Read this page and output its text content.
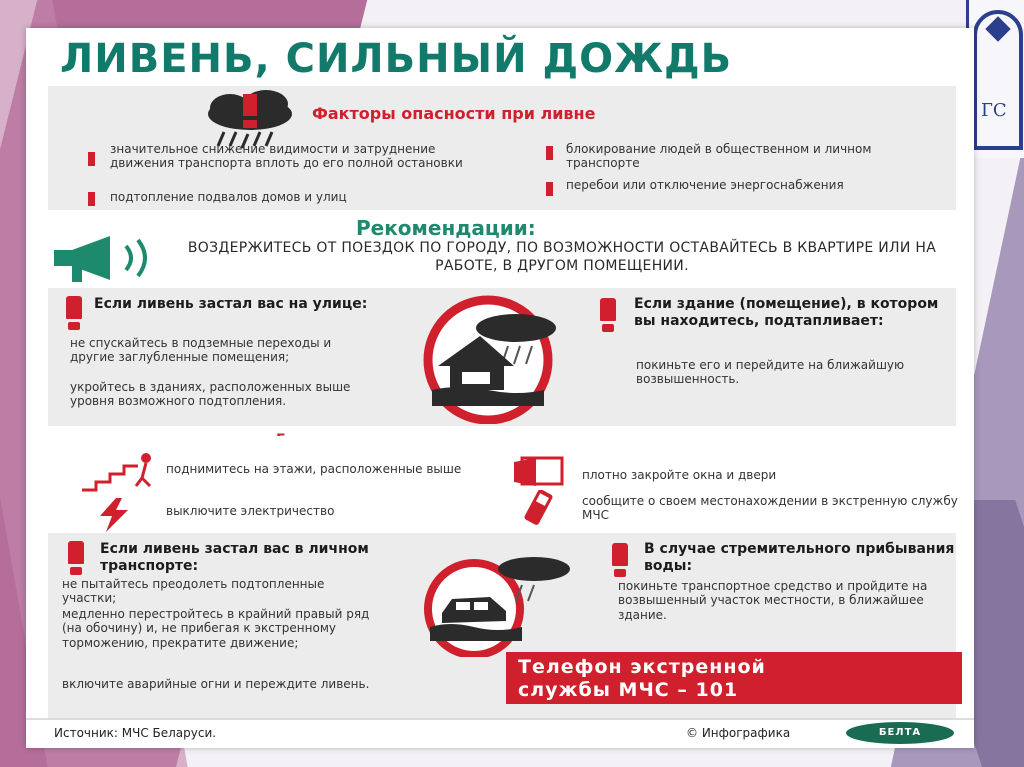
ГС
ЛИВЕНЬ, СИЛЬНЫЙ ДОЖДЬ
Факторы опасности при ливне
значительное снижение видимости и затруднение движения транспорта вплоть до его полной остановки
подтопление подвалов домов и улиц
блокирование людей в общественном и личном транспорте
перебои или отключение энергоснабжения
Рекомендации:
ВОЗДЕРЖИТЕСЬ ОТ ПОЕЗДОК ПО ГОРОДУ, ПО ВОЗМОЖНОСТИ ОСТАВАЙТЕСЬ В КВАРТИРЕ ИЛИ НА РАБОТЕ, В ДРУГОМ ПОМЕЩЕНИИ.
Если ливень застал вас на улице:
не спускайтесь в подземные переходы и другие заглубленные помещения;
укройтесь в зданиях, расположенных выше уровня возможного подтопления.
Если здание (помещение), в котором вы находитесь, подтапливает:
покиньте его и перейдите на ближайшую возвышенность.
поднимитесь на этажи, расположенные выше
выключите электричество
плотно закройте окна и двери
сообщите о своем местонахождении в экстренную службу МЧС
Если ливень застал вас в личном транспорте:
не пытайтесь преодолеть подтопленные участки;
медленно перестройтесь в крайний правый ряд (на обочину) и, не прибегая к экстренному торможению, прекратите движение;
включите аварийные огни и переждите ливень.
В случае стремительного прибывания воды:
покиньте транспортное средство и пройдите на возвышенный участок местности, в ближайшее здание.
Телефон экстренной
службы МЧС – 101
Источник: МЧС Беларуси.	© Инфографика	БЕЛТА
